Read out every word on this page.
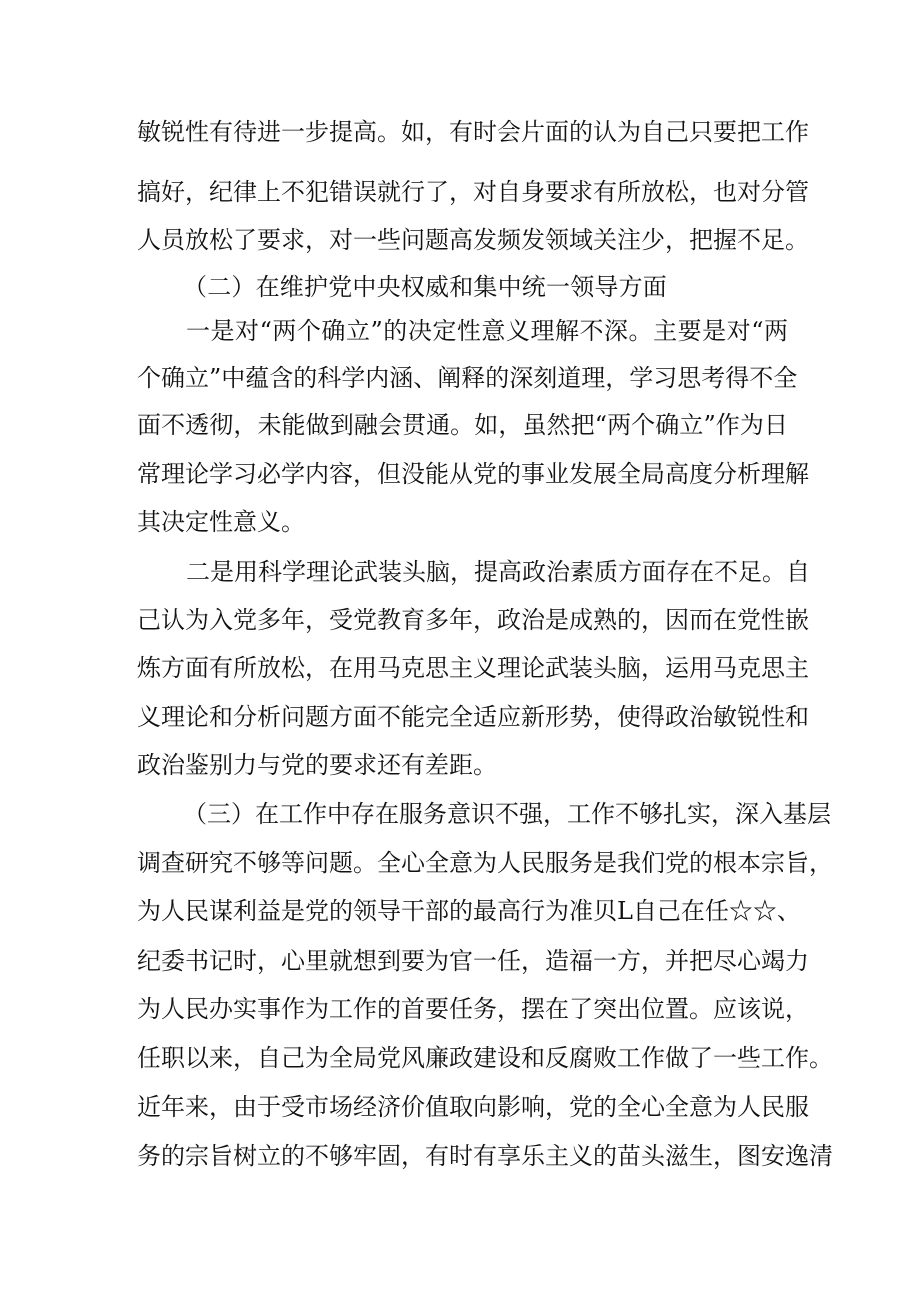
敏锐性有待进一步提高。如，有时会片面的认为自己只要把工作
搞好，纪律上不犯错误就行了，对自身要求有所放松，也对分管
人员放松了要求，对一些问题高发频发领域关注少，把握不足。
（二）在维护党中央权威和集中统一领导方面
一是对“两个确立”的决定性意义理解不深。主要是对“两
个确立”中蕴含的科学内涵、阐释的深刻道理，学习思考得不全
面不透彻，未能做到融会贯通。如，虽然把“两个确立”作为日
常理论学习必学内容，但没能从党的事业发展全局高度分析理解
其决定性意义。
二是用科学理论武装头脑，提高政治素质方面存在不足。自
己认为入党多年，受党教育多年，政治是成熟的，因而在党性嵌
炼方面有所放松，在用马克思主义理论武装头脑，运用马克思主
义理论和分析问题方面不能完全适应新形势，使得政治敏锐性和
政治鉴别力与党的要求还有差距。
（三）在工作中存在服务意识不强，工作不够扎实，深入基层
调查研究不够等问题。全心全意为人民服务是我们党的根本宗旨，
为人民谋利益是党的领导干部的最高行为准贝L自己在任☆☆、
纪委书记时，心里就想到要为官一任，造福一方，并把尽心竭力
为人民办实事作为工作的首要任务，摆在了突出位置。应该说，
任职以来，自己为全局党风廉政建设和反腐败工作做了一些工作。
近年来，由于受市场经济价值取向影响，党的全心全意为人民服
务的宗旨树立的不够牢固，有时有享乐主义的苗头滋生，图安逸清
